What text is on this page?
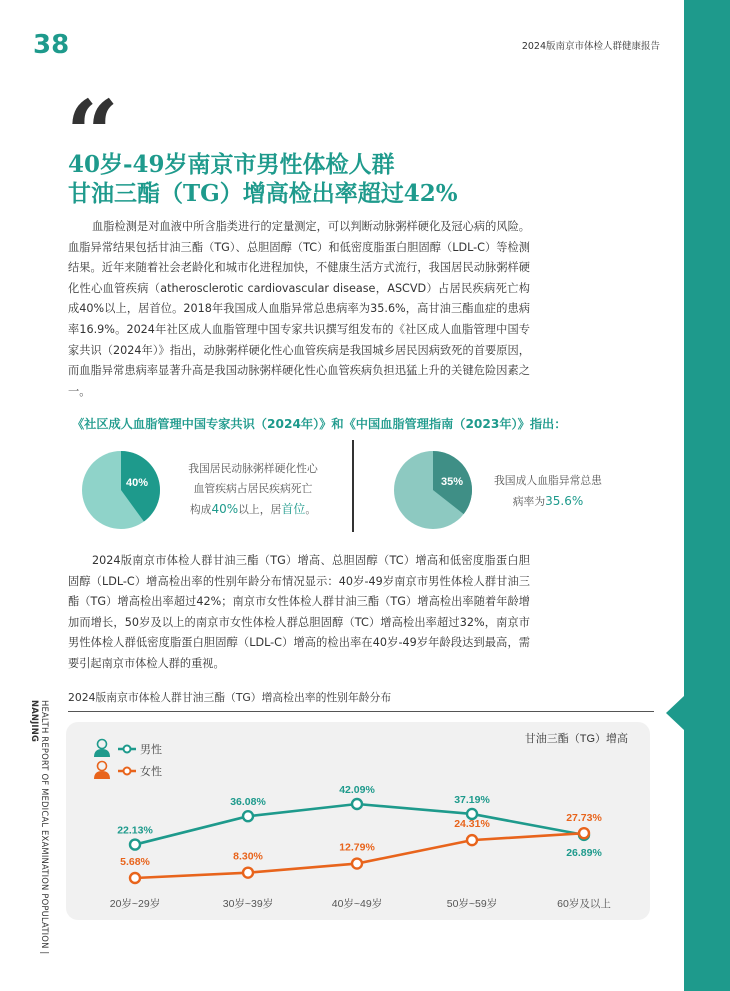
38	2024版南京市体检人群健康报告
“
40岁-49岁南京市男性体检人群
甘油三酯（TG）增高检出率超过42%
血脂检测是对血液中所含脂类进行的定量测定，可以判断动脉粥样硬化及冠心病的风险。血脂异常结果包括甘油三酯（TG）、总胆固醇（TC）和低密度脂蛋白胆固醇（LDL-C）等检测结果。近年来随着社会老龄化和城市化进程加快，不健康生活方式流行，我国居民动脉粥样硬化性心血管疾病（atherosclerotic cardiovascular disease，ASCVD）占居民疾病死亡构成40%以上，居首位。2018年我国成人血脂异常总患病率为35.6%，高甘油三酯血症的患病率16.9%。2024年社区成人血脂管理中国专家共识撰写组发布的《社区成人血脂管理中国专家共识（2024年）》指出，动脉粥样硬化性心血管疾病是我国城乡居民因病致死的首要原因，而血脂异常患病率显著升高是我国动脉粥样硬化性心血管疾病负担迅猛上升的关键危险因素之一。
《社区成人血脂管理中国专家共识（2024年）》和《中国血脂管理指南（2023年）》指出：
40%
我国居民动脉粥样硬化性心
血管疾病占居民疾病死亡
构成40%以上，居首位。
35%	我国成人血脂异常总患
病率为35.6%
2024版南京市体检人群甘油三酯（TG）增高、总胆固醇（TC）增高和低密度脂蛋白胆固醇（LDL-C）增高检出率的性别年龄分布情况显示：40岁-49岁南京市男性体检人群甘油三酯（TG）增高检出率超过42%；南京市女性体检人群甘油三酯（TG）增高检出率随着年龄增加而增长，50岁及以上的南京市女性体检人群总胆固醇（TC）增高检出率超过32%，南京市男性体检人群低密度脂蛋白胆固醇（LDL-C）增高的检出率在40岁-49岁年龄段达到最高，需要引起南京市体检人群的重视。
HEALTH REPORT OF MEDICAL EXAMINATION POPULATION | NANJING
2024版南京市体检人群甘油三酯（TG）增高检出率的性别年龄分布
甘油三酯（TG）增高
男性
女性
22.13%
36.08%
42.09%
37.19%
26.89%
5.68%	8.30%
12.79%
24.31%	27.73%
20岁~29岁	30岁~39岁	40岁~49岁	50岁~59岁	60岁及以上
